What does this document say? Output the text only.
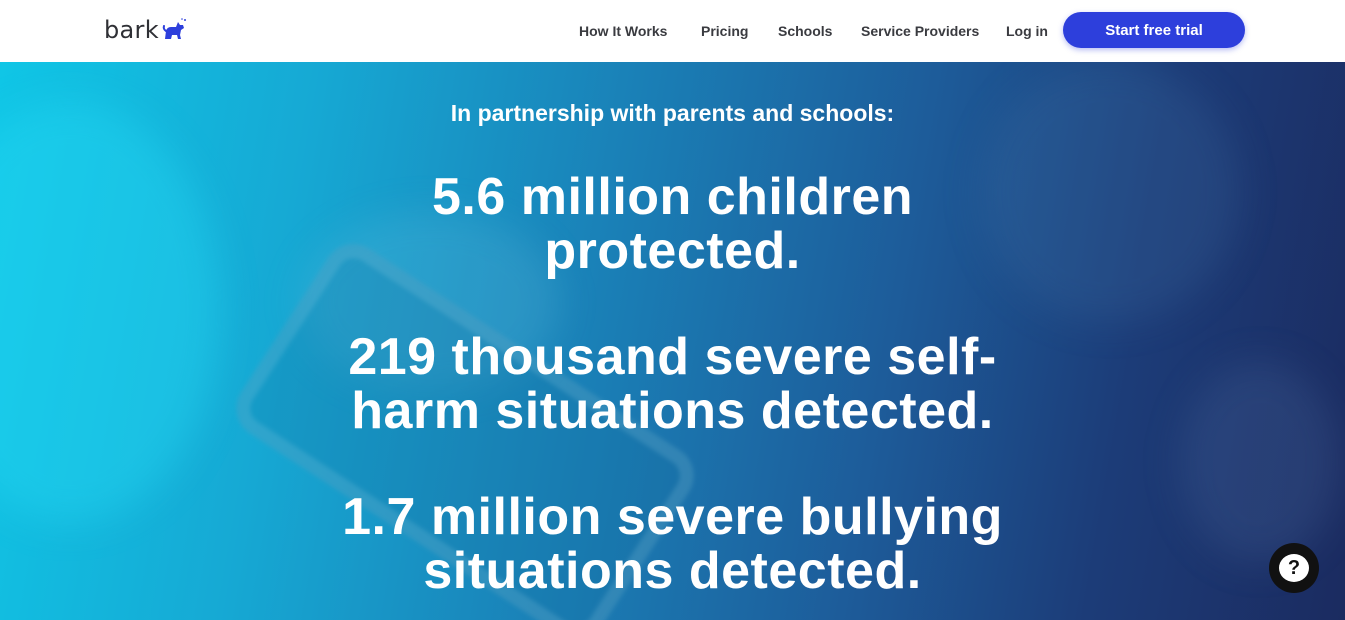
bark	How It Works Pricing Schools Service Providers Log in	Start free trial
In partnership with parents and schools:
5.6 million children
protected.
219 thousand severe self-
harm situations detected.
1.7 million severe bullying
situations detected.	?
